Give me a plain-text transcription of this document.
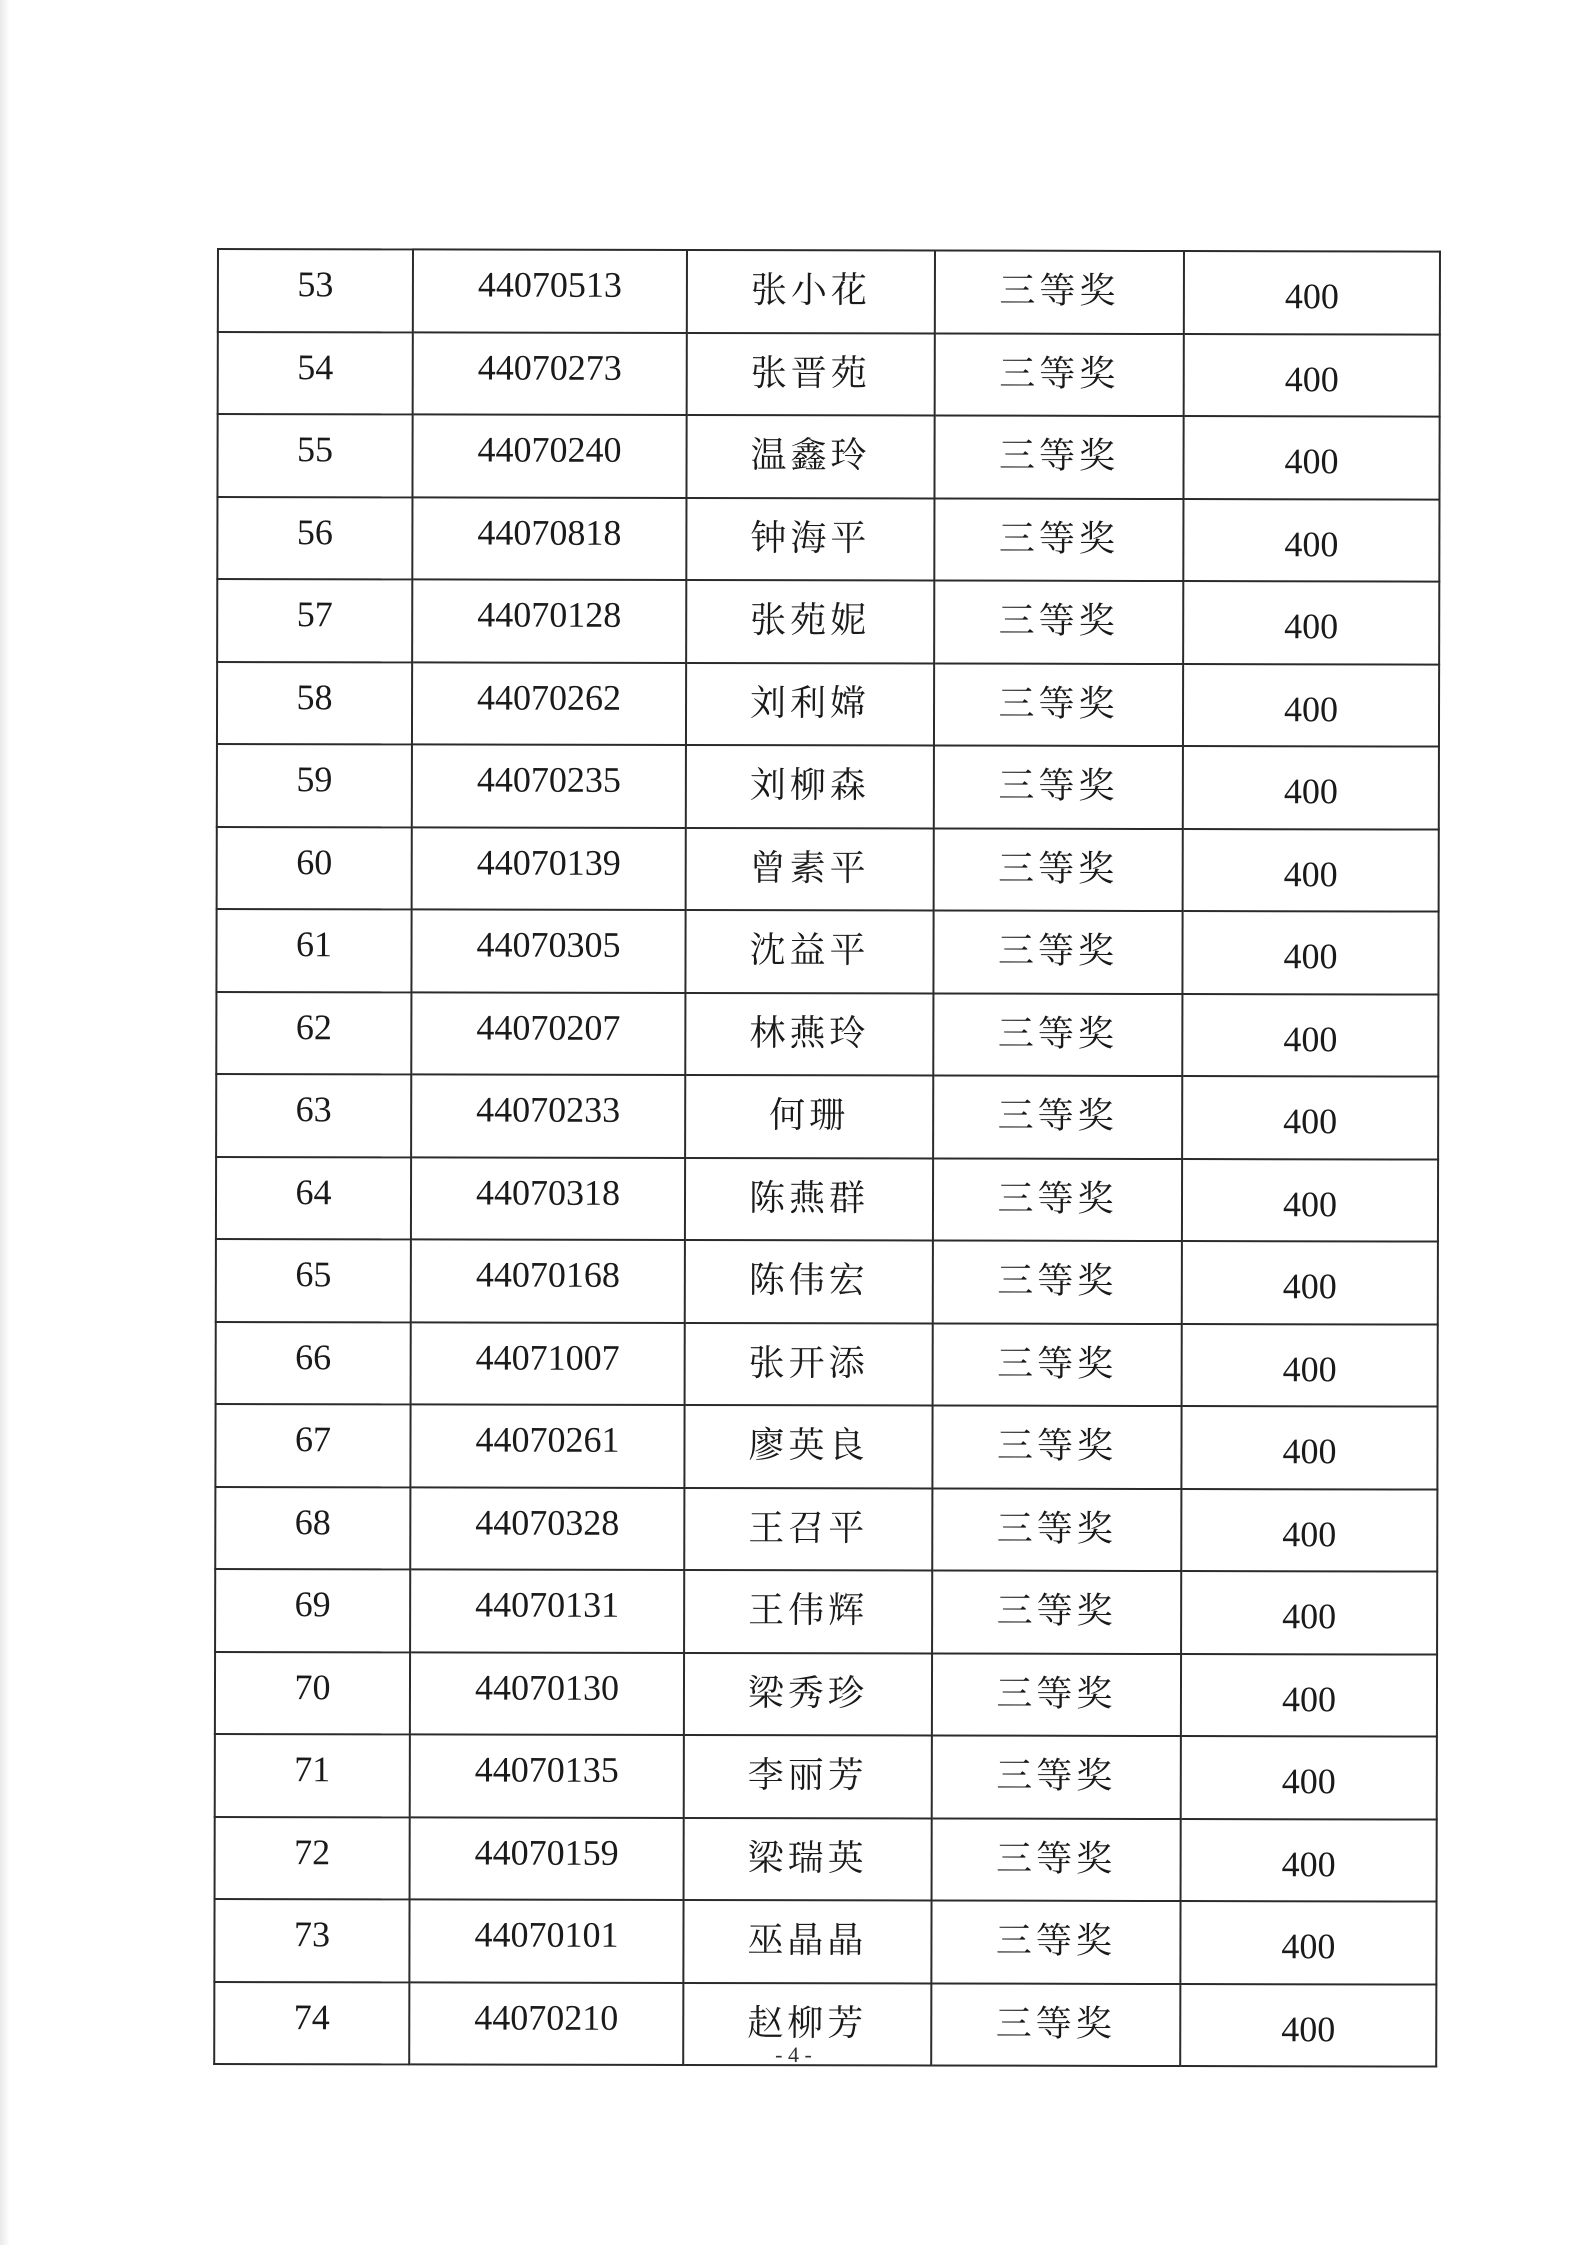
53	44070513	张小花	三等奖	400
54	44070273	张晋苑	三等奖	400
55	44070240	温鑫玲	三等奖	400
56	44070818	钟海平	三等奖	400
57	44070128	张苑妮	三等奖	400
58	44070262	刘利嫦	三等奖	400
59	44070235	刘柳森	三等奖	400
60	44070139	曾素平	三等奖	400
61	44070305	沈益平	三等奖	400
62	44070207	林燕玲	三等奖	400
63	44070233	何珊	三等奖	400
64	44070318	陈燕群	三等奖	400
65	44070168	陈伟宏	三等奖	400
66	44071007	张开添	三等奖	400
67	44070261	廖英良	三等奖	400
68	44070328	王召平	三等奖	400
69	44070131	王伟辉	三等奖	400
70	44070130	梁秀珍	三等奖	400
71	44070135	李丽芳	三等奖	400
72	44070159	梁瑞英	三等奖	400
73	44070101	巫晶晶	三等奖	400
74	44070210	赵柳芳	三等奖	400
- 4 -
